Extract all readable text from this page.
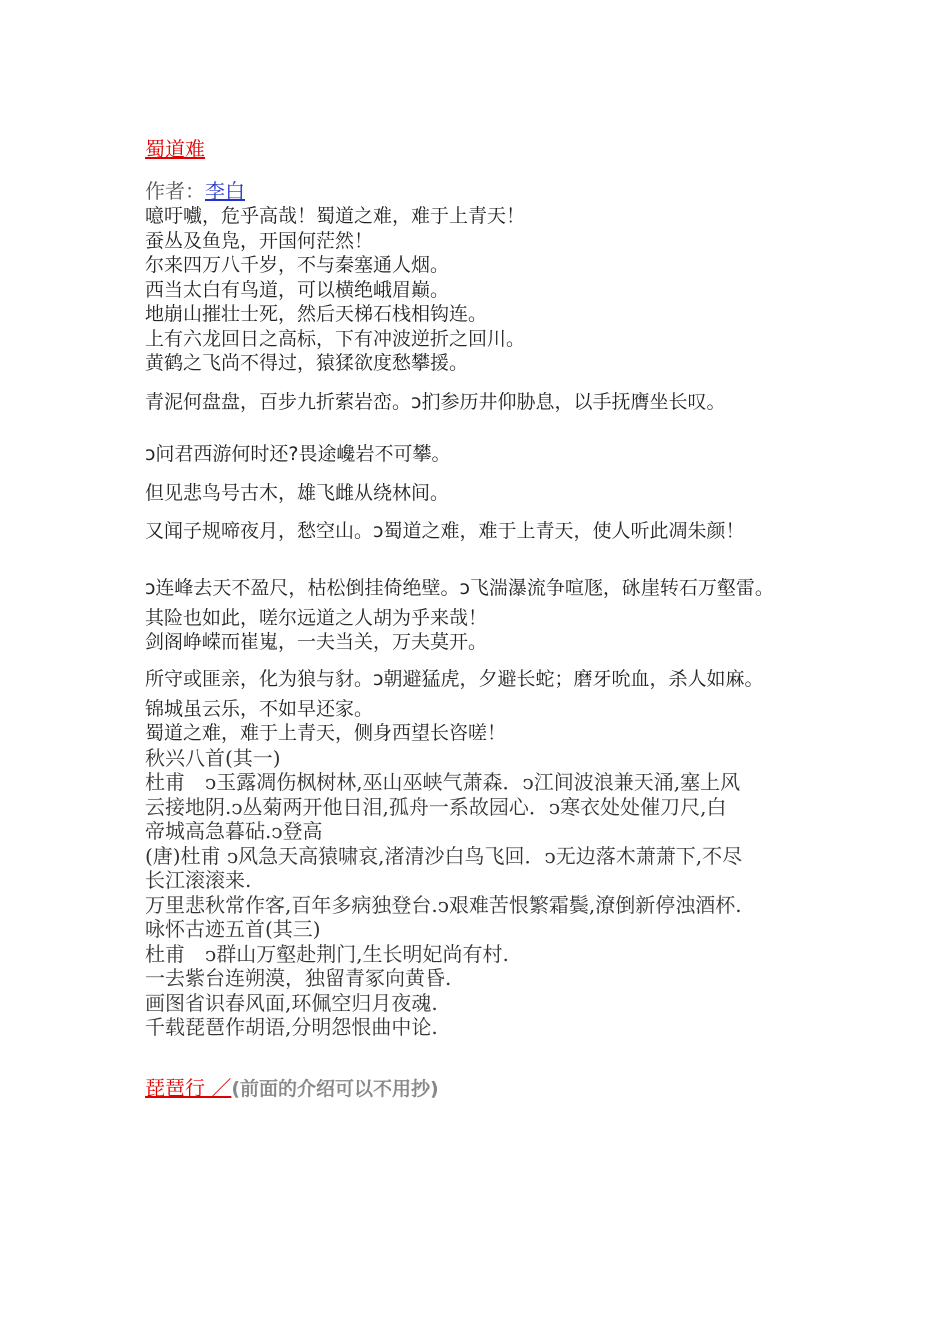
蜀道难
作者：李白
噫吁嚱，危乎高哉！蜀道之难，难于上青天！
蚕丛及鱼凫，开国何茫然！
尔来四万八千岁，不与秦塞通人烟。
西当太白有鸟道，可以横绝峨眉巅。
地崩山摧壮士死，然后天梯石栈相钩连。
上有六龙回日之高标，下有冲波逆折之回川。
黄鹤之飞尚不得过，猿猱欲度愁攀援。
青泥何盘盘，百步九折萦岩峦。ↄ扪参历井仰胁息，以手抚膺坐长叹。
ↄ问君西游何时还?畏途巉岩不可攀。
但见悲鸟号古木，雄飞雌从绕林间。
又闻子规啼夜月，愁空山。ↄ蜀道之难，难于上青天，使人听此凋朱颜！
ↄ连峰去天不盈尺，枯松倒挂倚绝壁。ↄ飞湍瀑流争喧豗，砯崖转石万壑雷。
其险也如此，嗟尔远道之人胡为乎来哉！
剑阁峥嵘而崔嵬，一夫当关，万夫莫开。
所守或匪亲，化为狼与豺。ↄ朝避猛虎，夕避长蛇；磨牙吮血，杀人如麻。
锦城虽云乐，不如早还家。
蜀道之难，难于上青天，侧身西望长咨嗟！
秋兴八首(其一)
杜甫　ↄ玉露凋伤枫树林,巫山巫峡气萧森．ↄ江间波浪兼天涌,塞上风
云接地阴.ↄ丛菊两开他日泪,孤舟一系故园心．ↄ寒衣处处催刀尺,白
帝城高急暮砧.ↄ登高
(唐)杜甫 ↄ风急天高猿啸哀,渚清沙白鸟飞回．ↄ无边落木萧萧下,不尽
长江滚滚来.
万里悲秋常作客,百年多病独登台.ↄ艰难苦恨繁霜鬓,潦倒新停浊酒杯.
咏怀古迹五首(其三)
杜甫　ↄ群山万壑赴荆门,生长明妃尚有村.
一去紫台连朔漠，独留青冢向黄昏.
画图省识春风面,环佩空归月夜魂.
千载琵琶作胡语,分明怨恨曲中论.
琵琶行 ／(前面的介绍可以不用抄)
